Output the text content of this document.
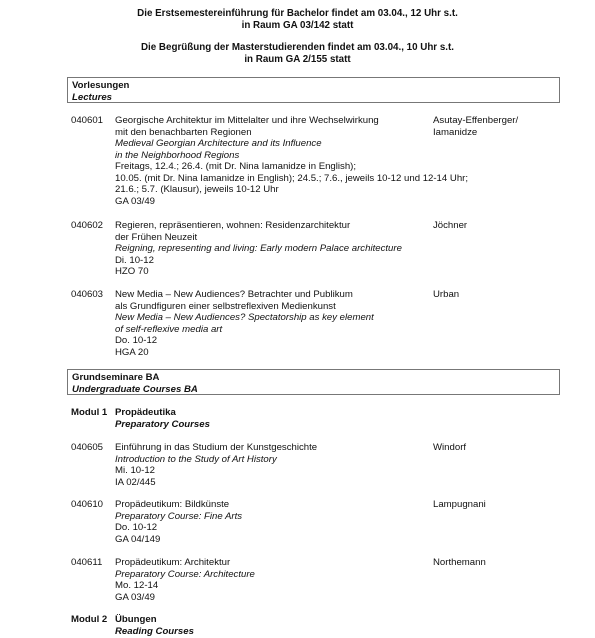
Die Erstsemestereinführung für Bachelor findet am 03.04., 12 Uhr s.t.
in Raum GA 03/142 statt
Die Begrüßung der Masterstudierenden findet am 03.04., 10 Uhr s.t.
in Raum GA 2/155 statt
Vorlesungen
Lectures
040601 Georgische Architektur im Mittelalter und ihre Wechselwirkung
mit den benachbarten Regionen
Medieval Georgian Architecture and its Influence
in the Neighborhood Regions
Freitags, 12.4.; 26.4. (mit Dr. Nina Iamanidze in English);
10.05. (mit Dr. Nina Iamanidze in English); 24.5.; 7.6., jeweils 10-12 und 12-14 Uhr;
21.6.; 5.7. (Klausur), jeweils 10-12 Uhr
GA 03/49
Asutay-Effenberger/
Iamanidze
040602 Regieren, repräsentieren, wohnen: Residenzarchitektur
der Frühen Neuzeit
Reigning, representing and living: Early modern Palace architecture
Di. 10-12
HZO 70
Jöchner
040603 New Media – New Audiences? Betrachter und Publikum
als Grundfiguren einer selbstreflexiven Medienkunst
New Media – New Audiences? Spectatorship as key element
of self-reflexive media art
Do. 10-12
HGA 20
Urban
Grundseminare BA
Undergraduate Courses BA
Modul 1 Propädeutika
Preparatory Courses
040605 Einführung in das Studium der Kunstgeschichte
Introduction to the Study of Art History
Mi. 10-12
IA 02/445
Windorf
040610 Propädeutikum: Bildkünste
Preparatory Course: Fine Arts
Do. 10-12
GA 04/149
Lampugnani
040611 Propädeutikum: Architektur
Preparatory Course: Architecture
Mo. 12-14
GA 03/49
Northemann
Modul 2 Übungen
Reading Courses
